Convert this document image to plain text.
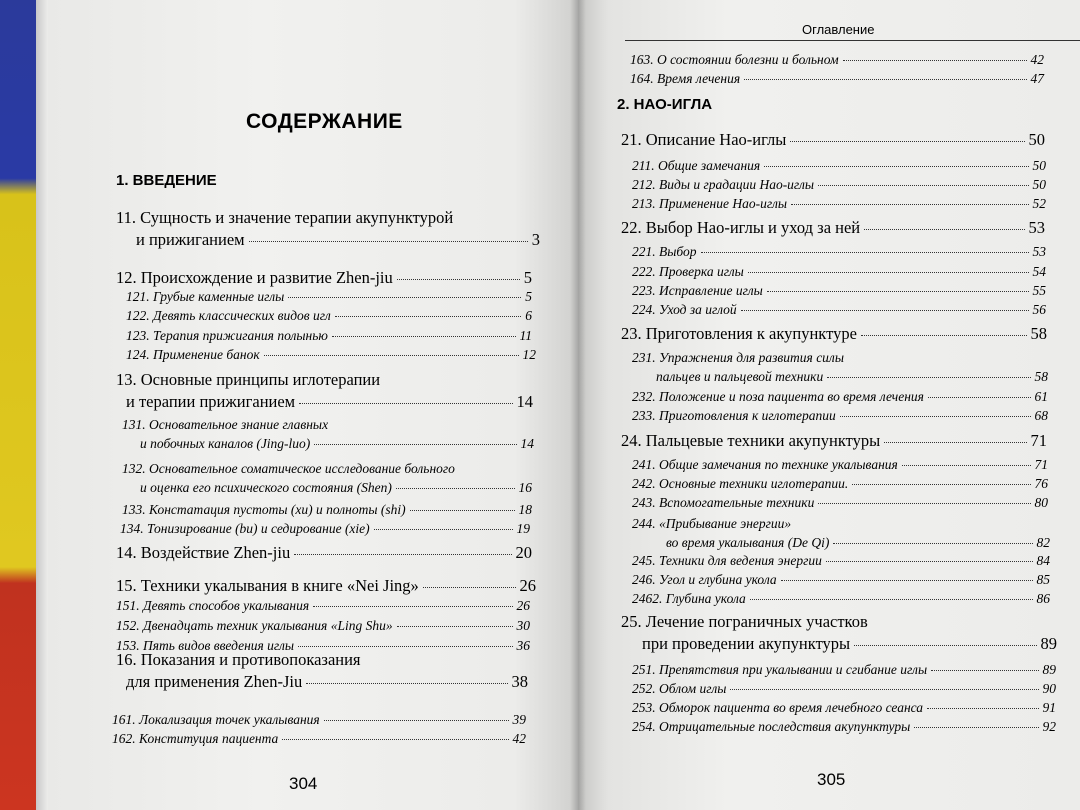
СОДЕРЖАНИЕ
1. ВВЕДЕНИЕ
11. Сущность и значение терапии акупунктурой
и прижиганием	3
12. Происхождение и развитие Zhen-jiu	5
121. Грубые каменные иглы	5
122. Девять классических видов игл	6
123. Терапия прижигания полынью	11
124. Применение банок	12
13. Основные принципы иглотерапии
и терапии прижиганием	14
131. Основательное знание главных
и побочных каналов (Jing-luo)	14
132. Основательное соматическое исследование больного
и оценка его психического состояния (Shen)	16
133. Констатация пустоты (xu) и полноты (shi)	18
134. Тонизирование (bu) и седирование (xie)	19
14. Воздействие Zhen-jiu	20
15. Техники укалывания в книге «Nei Jing»	26
151. Девять способов укалывания	26
152. Двенадцать техник укалывания «Ling Shu»	30
153. Пять видов введения иглы	36
16. Показания и противопоказания
для применения Zhen-Jiu	38
161. Локализация точек укалывания	39
162. Конституция пациента	42
304
Оглавление
2. НАО-ИГЛА
163. О состоянии болезни и больном	42
164. Время лечения	47
21. Описание Нао-иглы	50
211. Общие замечания	50
212. Виды и градации Нао-иглы	50
213. Применение Нао-иглы	52
22. Выбор Нао-иглы и уход за ней	53
221. Выбор	53
222. Проверка иглы	54
223. Исправление иглы	55
224. Уход за иглой	56
23. Приготовления к акупунктуре	58
231. Упражнения для развития силы
пальцев и пальцевой техники	58
232. Положение и поза пациента во время лечения	61
233. Приготовления к иглотерапии	68
24. Пальцевые техники акупунктуры	71
241. Общие замечания по технике укалывания	71
242. Основные техники иглотерапии.	76
243. Вспомогательные техники	80
244. «Прибывание энергии»
во время укалывания (De Qi)	82
245. Техники для ведения энергии	84
246. Угол и глубина укола	85
2462. Глубина укола	86
25. Лечение пограничных участков
при проведении акупунктуры	89
251. Препятствия при укалывании и сгибание иглы	89
252. Облом иглы	90
253. Обморок пациента во время лечебного сеанса	91
254. Отрицательные последствия акупунктуры	92
305
